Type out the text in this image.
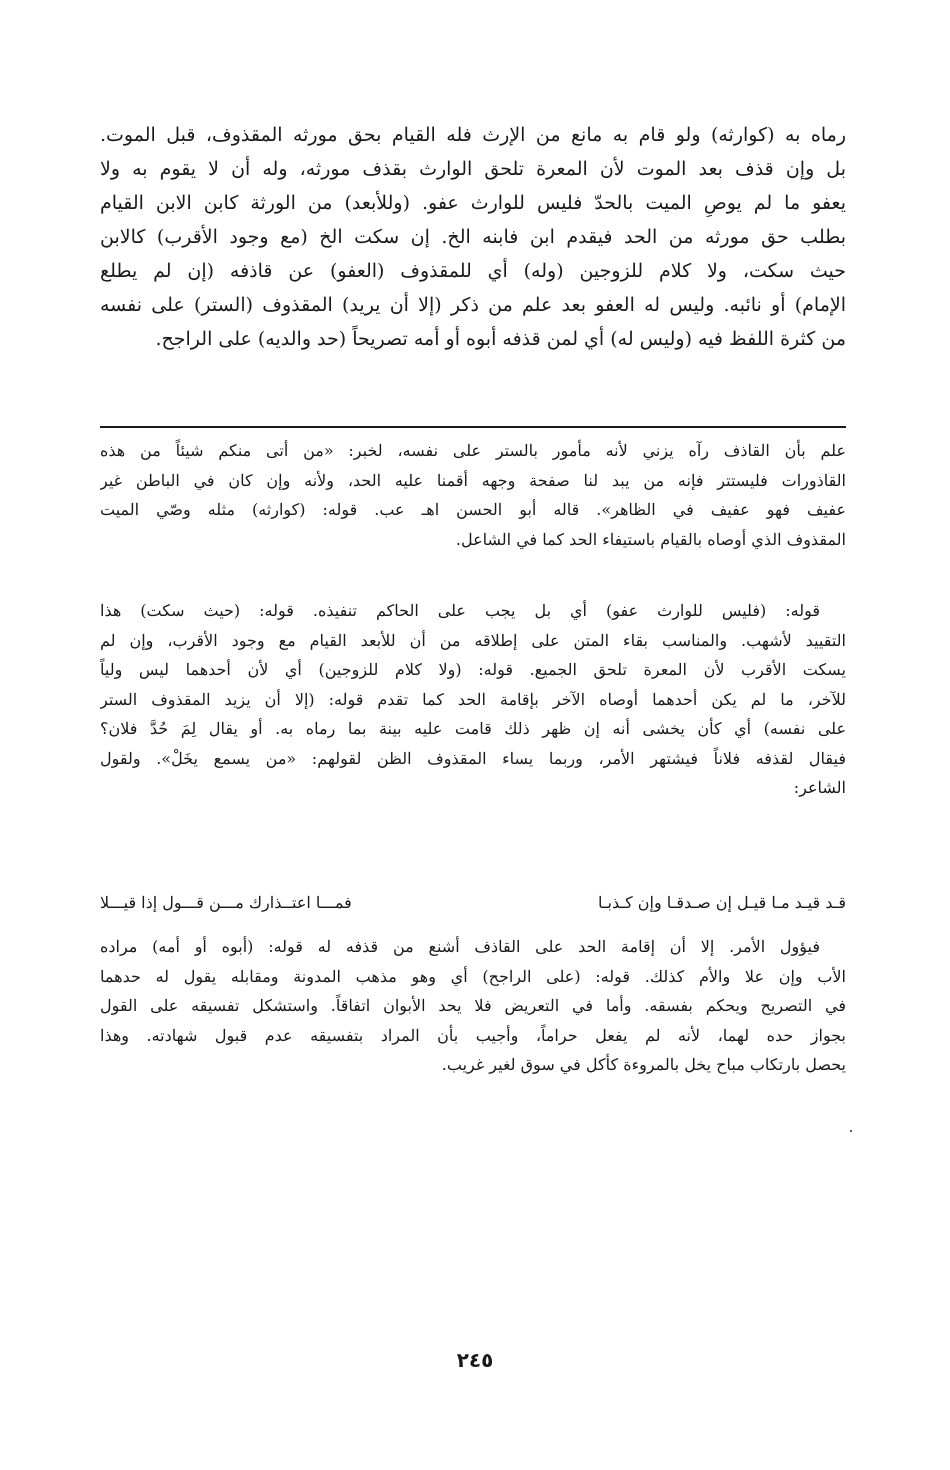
رماه به (كوارثه) ولو قام به مانع من الإرث فله القيام بحق مورثه المقذوف، قبل الموت.
بل وإن قذف بعد الموت لأن المعرة تلحق الوارث بقذف مورثه، وله أن لا يقوم به ولا
يعفو ما لم يوصِ الميت بالحدّ فليس للوارث عفو. (وللأبعد) من الورثة كابن الابن القيام
بطلب حق مورثه من الحد فيقدم ابن فابنه الخ. إن سكت الخ (مع وجود الأقرب) كالابن
حيث سكت، ولا كلام للزوجين (وله) أي للمقذوف (العفو) عن قاذفه (إن لم يطلع
الإمام) أو نائبه. وليس له العفو بعد علم من ذكر (إلا أن يريد) المقذوف (الستر) على نفسه
من كثرة اللفظ فيه (وليس له) أي لمن قذفه أبوه أو أمه تصريحاً (حد والديه) على الراجح.
علم بأن القاذف رآه يزني لأنه مأمور بالستر على نفسه، لخبر: «من أتى منكم شيئاً من هذه
القاذورات فليستتر فإنه من يبد لنا صفحة وجهه أقمنا عليه الحد، ولأنه وإن كان في الباطن غير
عفيف فهو عفيف في الظاهر». قاله أبو الحسن اهـ عب. قوله: (كوارثه) مثله وصّي الميت
المقذوف الذي أوصاه بالقيام باستيفاء الحد كما في الشاعل.
قوله: (فليس للوارث عفو) أي بل يجب على الحاكم تنفيذه. قوله: (حيث سكت) هذا
التقييد لأشهب. والمناسب بقاء المتن على إطلاقه من أن للأبعد القيام مع وجود الأقرب، وإن لم
يسكت الأقرب لأن المعرة تلحق الجميع. قوله: (ولا كلام للزوجين) أي لأن أحدهما ليس ولياً
للآخر، ما لم يكن أحدهما أوصاه الآخر بإقامة الحد كما تقدم قوله: (إلا أن يزيد المقذوف الستر
على نفسه) أي كأن يخشى أنه إن ظهر ذلك قامت عليه بينة بما رماه به. أو يقال لِمَ حُدَّ فلان؟
فيقال لقذفه فلاناً فيشتهر الأمر، وربما يساء المقذوف الظن لقولهم: «من يسمع يخَلْ». ولقول
الشاعر:
قـد قيـد مـا قيـل إن صـدقـا وإن كـذبـا
فمـــا اعتــذارك مـــن قـــول إذا قيـــلا
فيؤول الأمر. إلا أن إقامة الحد على القاذف أشنع من قذفه له قوله: (أبوه أو أمه) مراده
الأب وإن علا والأم كذلك. قوله: (على الراجح) أي وهو مذهب المدونة ومقابله يقول له حدهما
في التصريح ويحكم بفسقه. وأما في التعريض فلا يحد الأبوان اتفاقاً. واستشكل تفسيقه على القول
بجواز حده لهما، لأنه لم يفعل حراماً، وأجيب بأن المراد بتفسيقه عدم قبول شهادته. وهذا
يحصل بارتكاب مباح يخل بالمروءة كأكل في سوق لغير غريب.
٢٤٥
